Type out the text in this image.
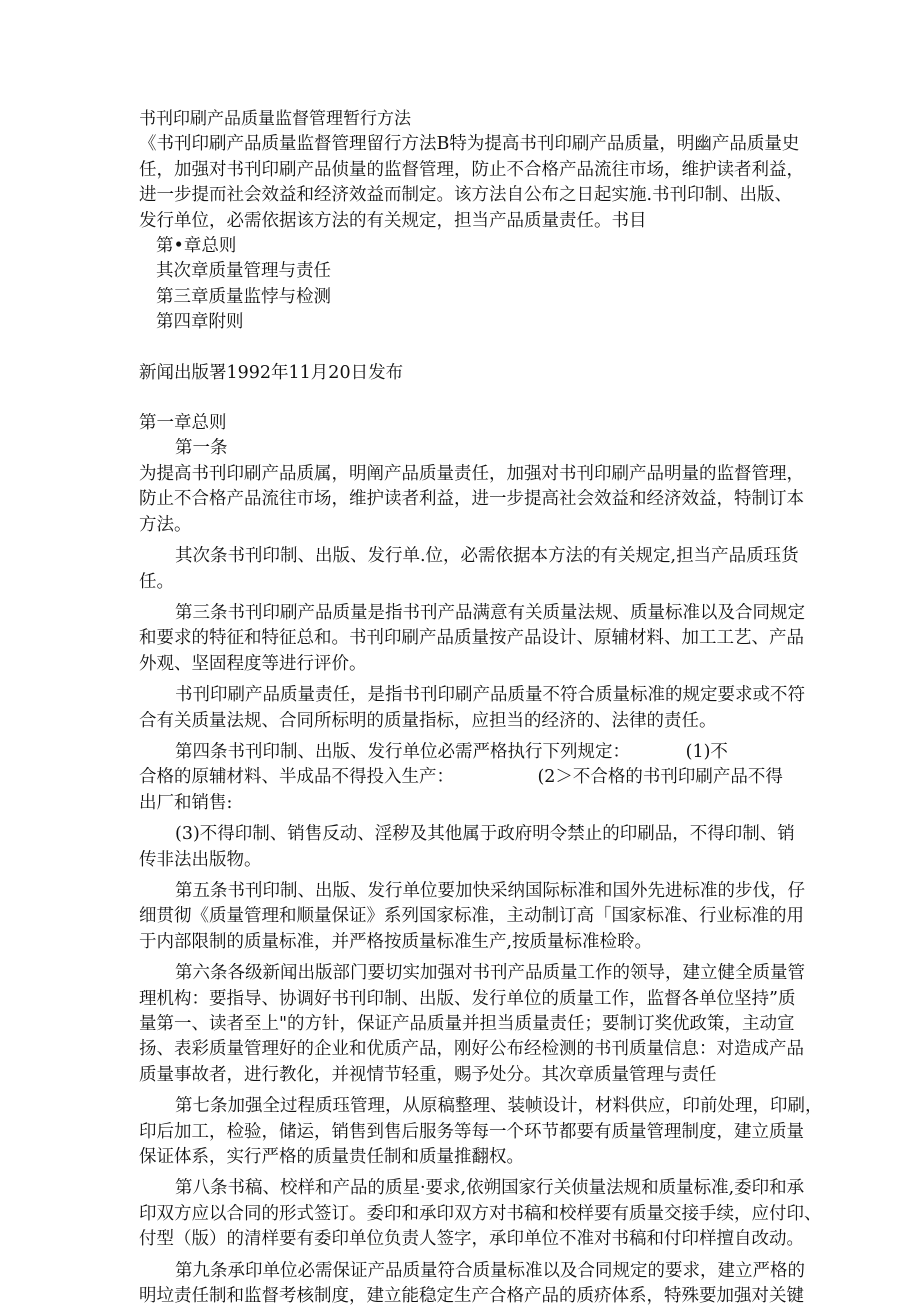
书刊印刷产品质量监督管理暂行方法

《书刊印刷产品质量监督管理留行方法B特为提高书刊印刷产品质量，明幽产品质量史

任，加强对书刊印刷产品侦量的监督管理，防止不合格产品流往市场，维护读者利益，

进一步提而社会效益和经济效益而制定。该方法自公布之日起实施.书刊印制、出版、

发行单位，必需依据该方法的有关规定，担当产品质量责任。书目

第•章总则

其次章质量管理与责任

第三章质量监悖与检测

第四章附则

新闻出版署1992年11月20日发布

第一章总则

第一条

为提高书刊印刷产品质属，明阐产品质量责任，加强对书刊印刷产品明量的监督管理，

防止不合格产品流往市场，维护读者利益，进一步提高社会效益和经济效益，特制订本

方法。

其次条书刊印制、出版、发行单.位，必需依据本方法的有关规定,担当产品质珏货

任。

第三条书刊印刷产品质量是指书刊产品满意有关质量法规、质量标准以及合同规定

和要求的特征和特征总和。书刊印刷产品质量按产品设计、原辅材料、加工工艺、产品

外观、坚固程度等进行评价。

书刊印刷产品质量责任，是指书刊印刷产品质量不符合质量标准的规定要求或不符

合有关质量法规、合同所标明的质量指标，应担当的经济的、法律的责任。

第四条书刊印制、出版、发行单位必需严格执行下列规定：          (1)不

合格的原辅材料、半成品不得投入生产：               (2＞不合格的书刊印刷产品不得

出厂和销售:

(3)不得印制、销售反动、淫秽及其他属于政府明令禁止的印刷品，不得印制、销

传非法出版物。

第五条书刊印制、出版、发行单位要加快采纳国际标准和国外先进标准的步伐，仔

细贯彻《质量管理和顺量保证》系列国家标准，主动制订高「国家标准、行业标准的用

于内部限制的质量标准，并严格按质量标准生产,按质量标准检聆。

第六条各级新闻出版部门要切实加强对书刊产品质量工作的领导，建立健全质量管

理机构：要指导、协调好书刊印制、出版、发行单位的质量工作，监督各单位坚持”质

量第一、读者至上"的方针，保证产品质量并担当质量责任；要制订奖优政策，主动宣

扬、表彩质量管理好的企业和优质产品，刚好公布经检测的书刊质量信息：对造成产品

质量事故者，进行教化，并视情节轻重，赐予处分。其次章质量管理与责任

第七条加强全过程质珏管理，从原稿整理、装帧设计，材料供应，印前处理，印刷，

印后加工，检验，储运，销售到售后服务等每一个环节都要有质量管理制度，建立质量

保证体系，实行严格的质量贵任制和质量推翻权。

第八条书稿、校样和产品的质星·要求,依朔国家行关侦量法规和质量标准,委印和承

印双方应以合同的形式签订。委印和承印双方对书稿和校样要有质量交接手续，应付印、

付型（版）的清样要有委印单位负责人签字，承印单位不准对书稿和付印样擅自改动。

第九条承印单位必需保证产品质量符合质量标准以及合同规定的要求，建立严格的

明垃责任制和监督考核制度，建立能稳定生产合格产品的质疥体系，特殊要加强对关键
